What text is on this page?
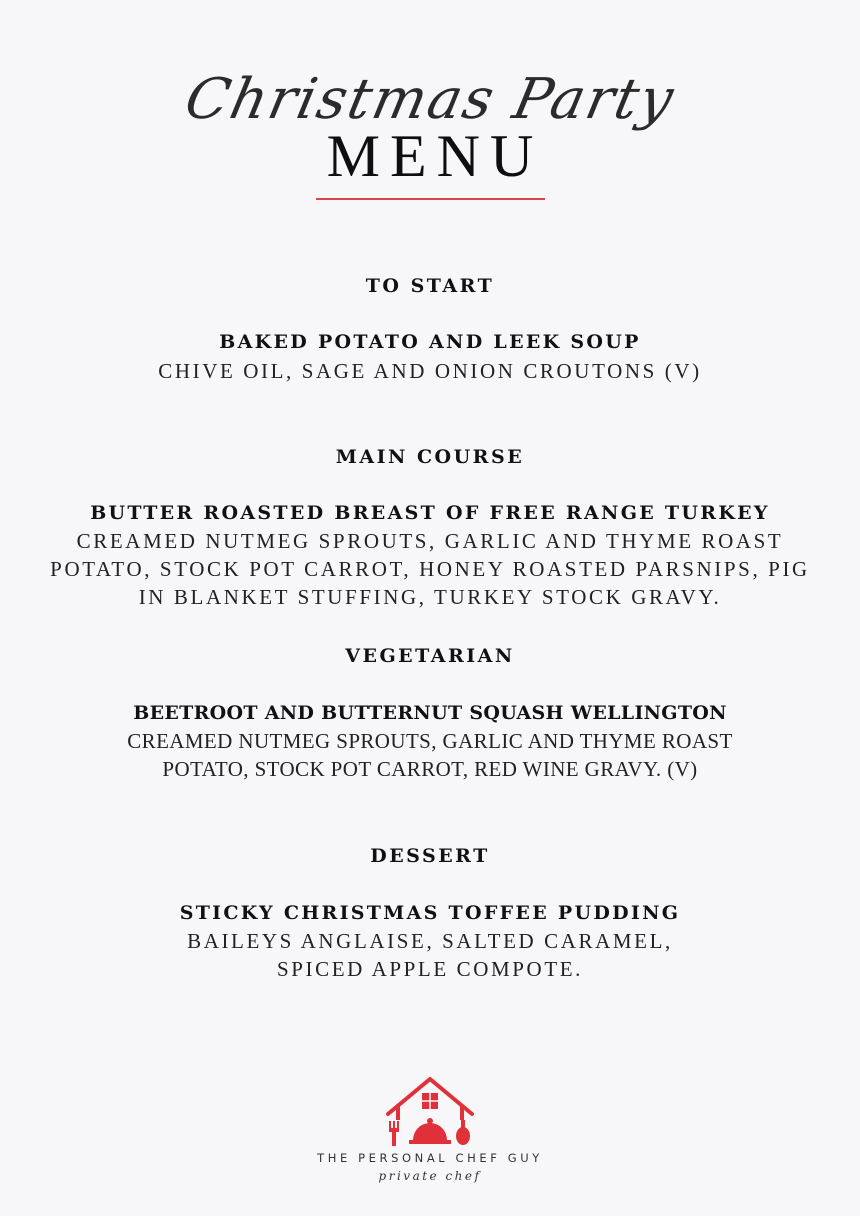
Christmas Party
MENU
TO START
BAKED POTATO AND LEEK SOUP
CHIVE OIL, SAGE AND ONION CROUTONS (V)
MAIN COURSE
BUTTER ROASTED BREAST OF FREE RANGE TURKEY
CREAMED NUTMEG SPROUTS, GARLIC AND THYME ROAST
POTATO, STOCK POT CARROT, HONEY ROASTED PARSNIPS, PIG
IN BLANKET STUFFING, TURKEY STOCK GRAVY.
VEGETARIAN
BEETROOT AND BUTTERNUT SQUASH WELLINGTON
CREAMED NUTMEG SPROUTS, GARLIC AND THYME ROAST
POTATO, STOCK POT CARROT, RED WINE GRAVY. (V)
DESSERT
STICKY CHRISTMAS TOFFEE PUDDING
BAILEYS ANGLAISE, SALTED CARAMEL,
SPICED APPLE COMPOTE.
THE PERSONAL CHEF GUY
private chef
